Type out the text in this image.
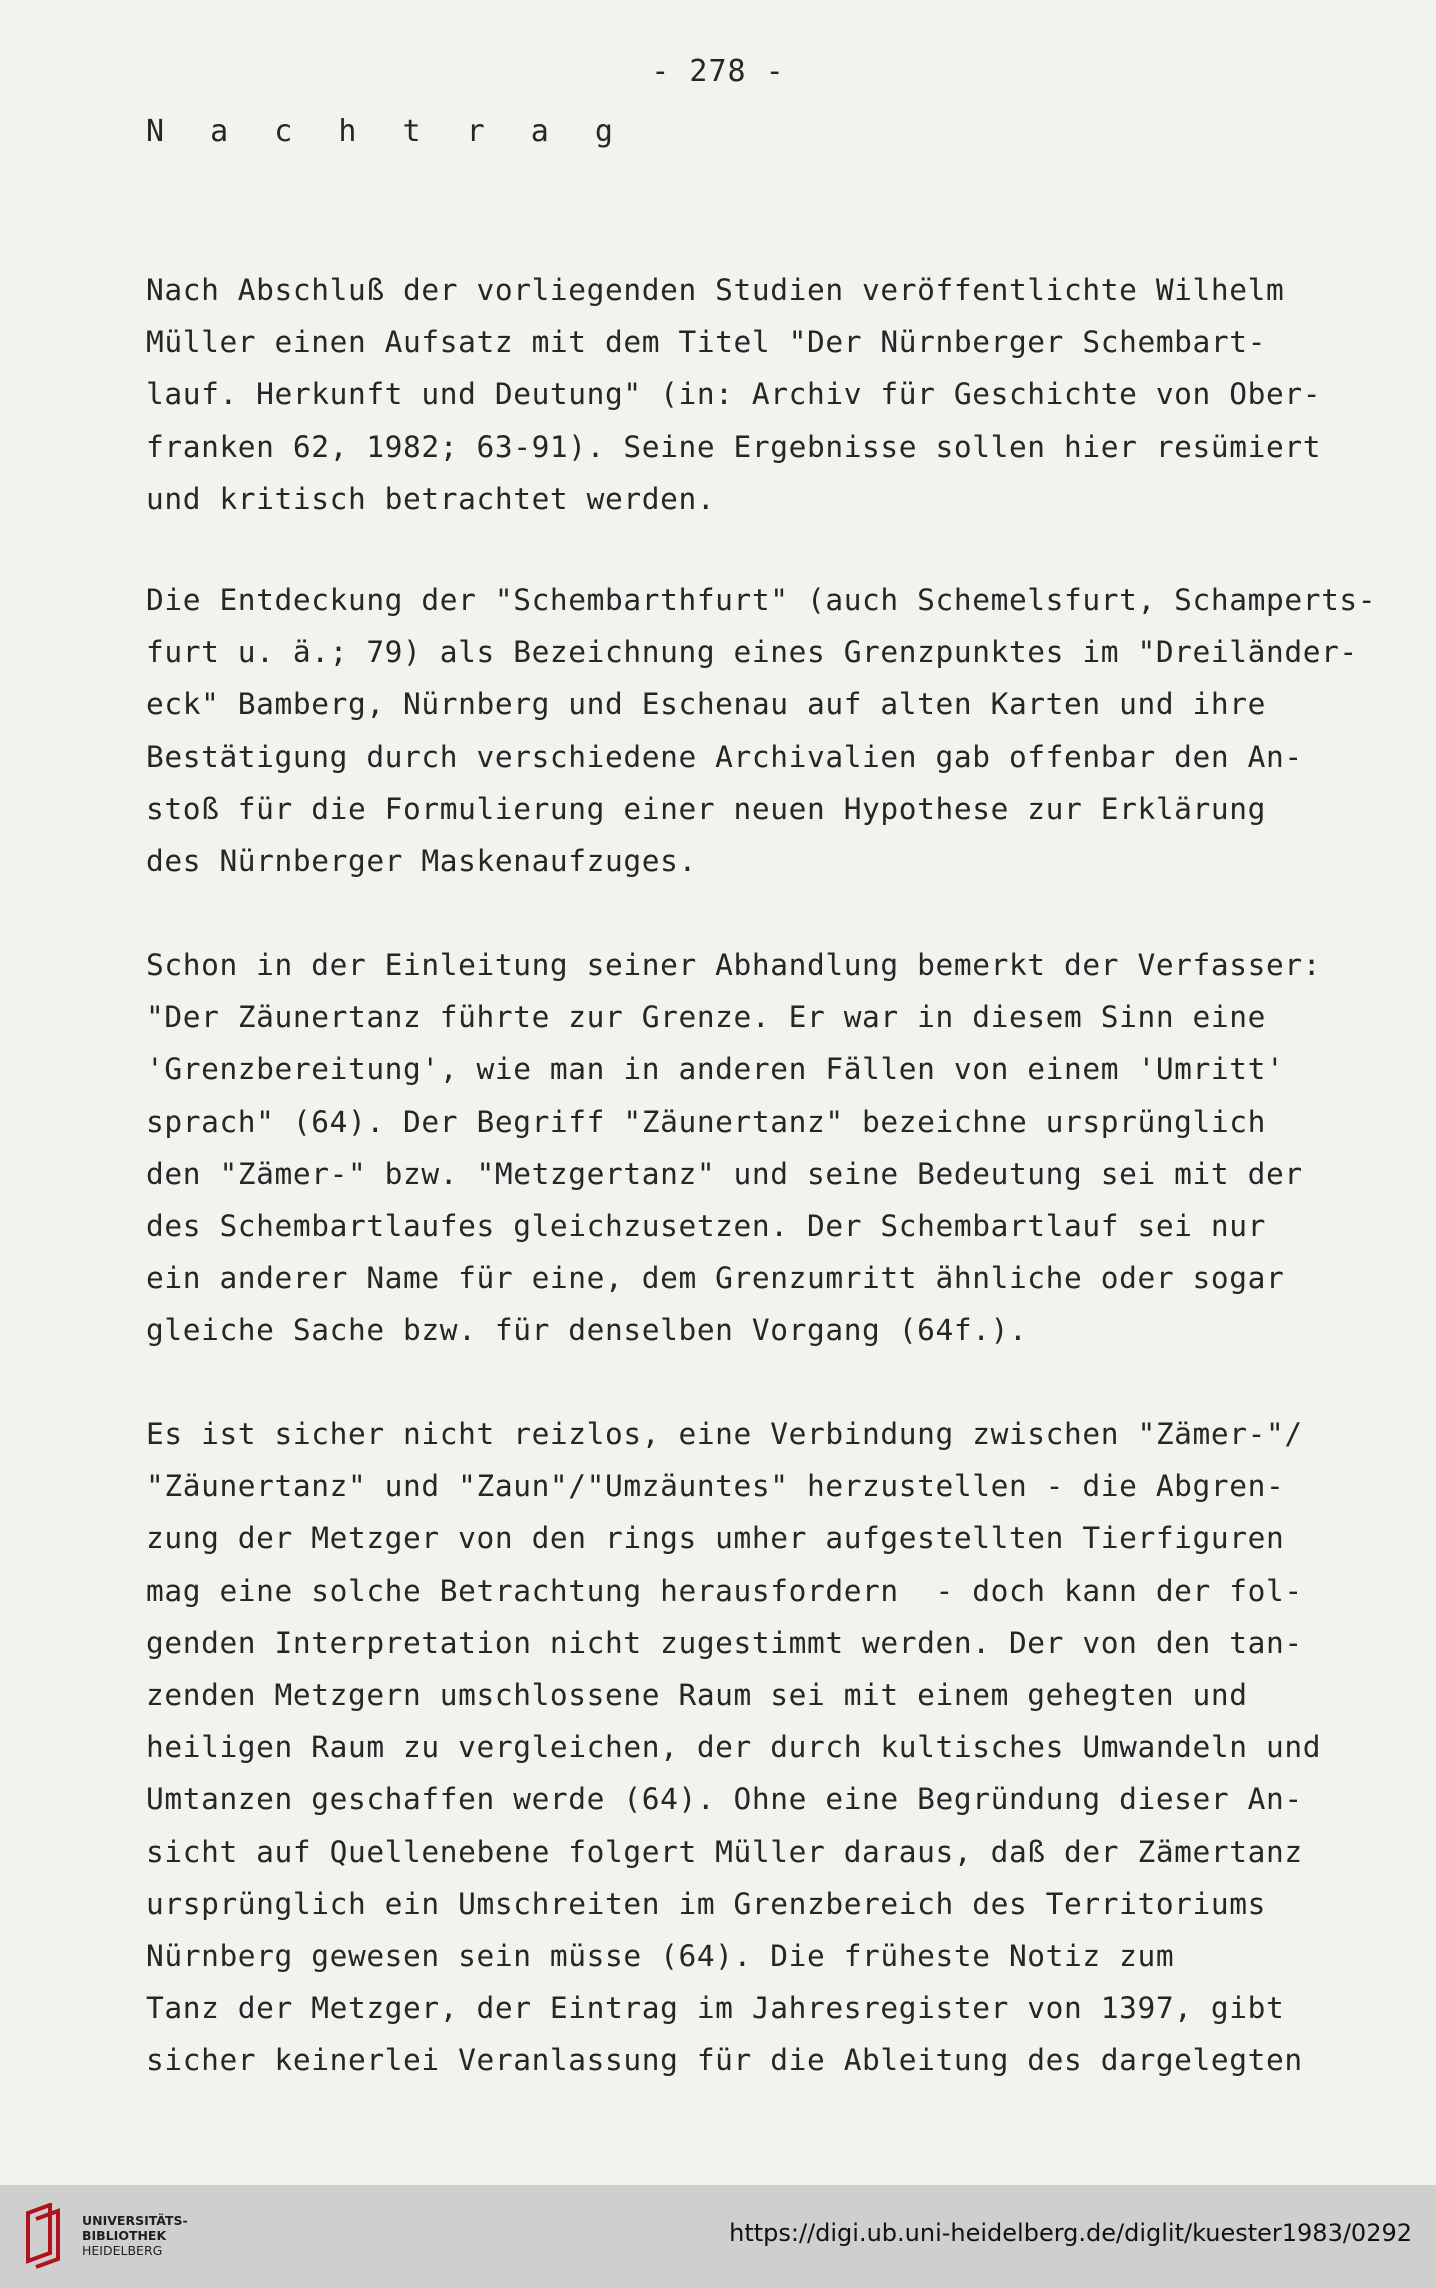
- 278 -
N a c h t r a g
Nach Abschluß der vorliegenden Studien veröffentlichte Wilhelm
Müller einen Aufsatz mit dem Titel "Der Nürnberger Schembart-
lauf. Herkunft und Deutung" (in: Archiv für Geschichte von Ober-
franken 62, 1982; 63-91). Seine Ergebnisse sollen hier resümiert
und kritisch betrachtet werden.
Die Entdeckung der "Schembarthfurt" (auch Schemelsfurt, Schamperts-
furt u. ä.; 79) als Bezeichnung eines Grenzpunktes im "Dreiländer-
eck" Bamberg, Nürnberg und Eschenau auf alten Karten und ihre
Bestätigung durch verschiedene Archivalien gab offenbar den An-
stoß für die Formulierung einer neuen Hypothese zur Erklärung
des Nürnberger Maskenaufzuges.
Schon in der Einleitung seiner Abhandlung bemerkt der Verfasser:
"Der Zäunertanz führte zur Grenze. Er war in diesem Sinn eine
'Grenzbereitung', wie man in anderen Fällen von einem 'Umritt'
sprach" (64). Der Begriff "Zäunertanz" bezeichne ursprünglich
den "Zämer-" bzw. "Metzgertanz" und seine Bedeutung sei mit der
des Schembartlaufes gleichzusetzen. Der Schembartlauf sei nur
ein anderer Name für eine, dem Grenzumritt ähnliche oder sogar
gleiche Sache bzw. für denselben Vorgang (64f.).
Es ist sicher nicht reizlos, eine Verbindung zwischen "Zämer-"/
"Zäunertanz" und "Zaun"/"Umzäuntes" herzustellen - die Abgren-
zung der Metzger von den rings umher aufgestellten Tierfiguren
mag eine solche Betrachtung herausfordern  - doch kann der fol-
genden Interpretation nicht zugestimmt werden. Der von den tan-
zenden Metzgern umschlossene Raum sei mit einem gehegten und
heiligen Raum zu vergleichen, der durch kultisches Umwandeln und
Umtanzen geschaffen werde (64). Ohne eine Begründung dieser An-
sicht auf Quellenebene folgert Müller daraus, daß der Zämertanz
ursprünglich ein Umschreiten im Grenzbereich des Territoriums
Nürnberg gewesen sein müsse (64). Die früheste Notiz zum
Tanz der Metzger, der Eintrag im Jahresregister von 1397, gibt
sicher keinerlei Veranlassung für die Ableitung des dargelegten
UNIVERSITÄTS-
BIBLIOTHEK
HEIDELBERG
https://digi.ub.uni-heidelberg.de/diglit/kuester1983/0292
